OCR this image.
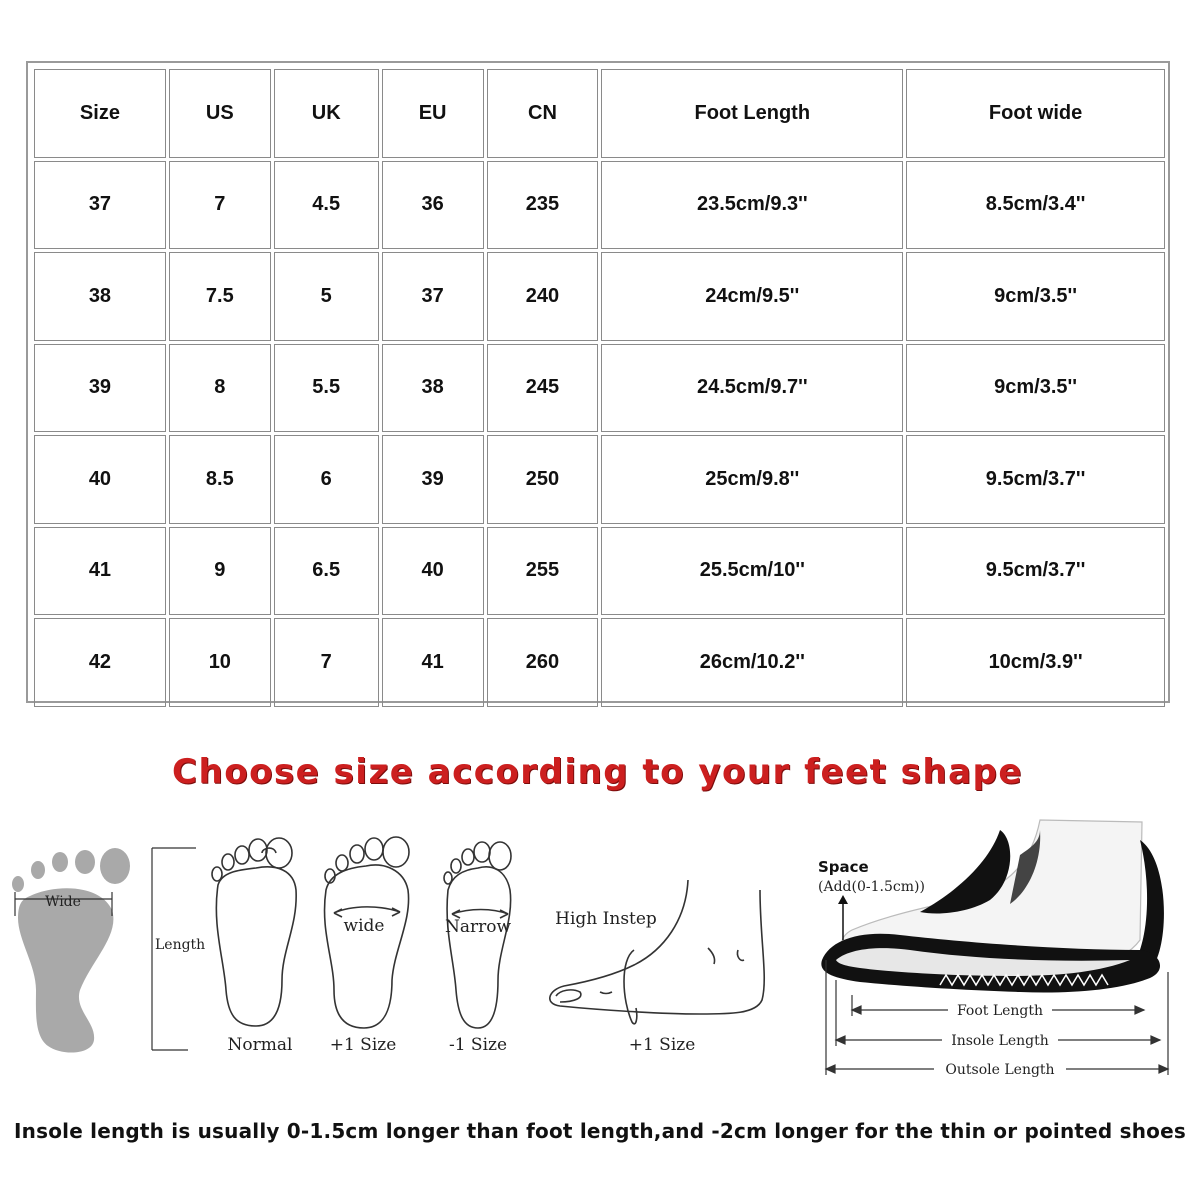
Size	US	UK	EU	CN	Foot Length	Foot wide
37	7	4.5	36	235	23.5cm/9.3''	8.5cm/3.4''
38	7.5	5	37	240	24cm/9.5''	9cm/3.5''
39	8	5.5	38	245	24.5cm/9.7''	9cm/3.5''
40	8.5	6	39	250	25cm/9.8''	9.5cm/3.7''
41	9	6.5	40	255	25.5cm/10''	9.5cm/3.7''
42	10	7	41	260	26cm/10.2''	10cm/3.9''
Choose size according to your feet shape
Wide
Length
Normal
wide
+1 Size
Narrow
-1 Size
High Instep
+1 Size
Space
(Add(0-1.5cm))
Foot Length
Insole Length
Outsole Length
Insole length is usually 0-1.5cm longer than foot length,and -2cm longer for the thin or pointed shoes
